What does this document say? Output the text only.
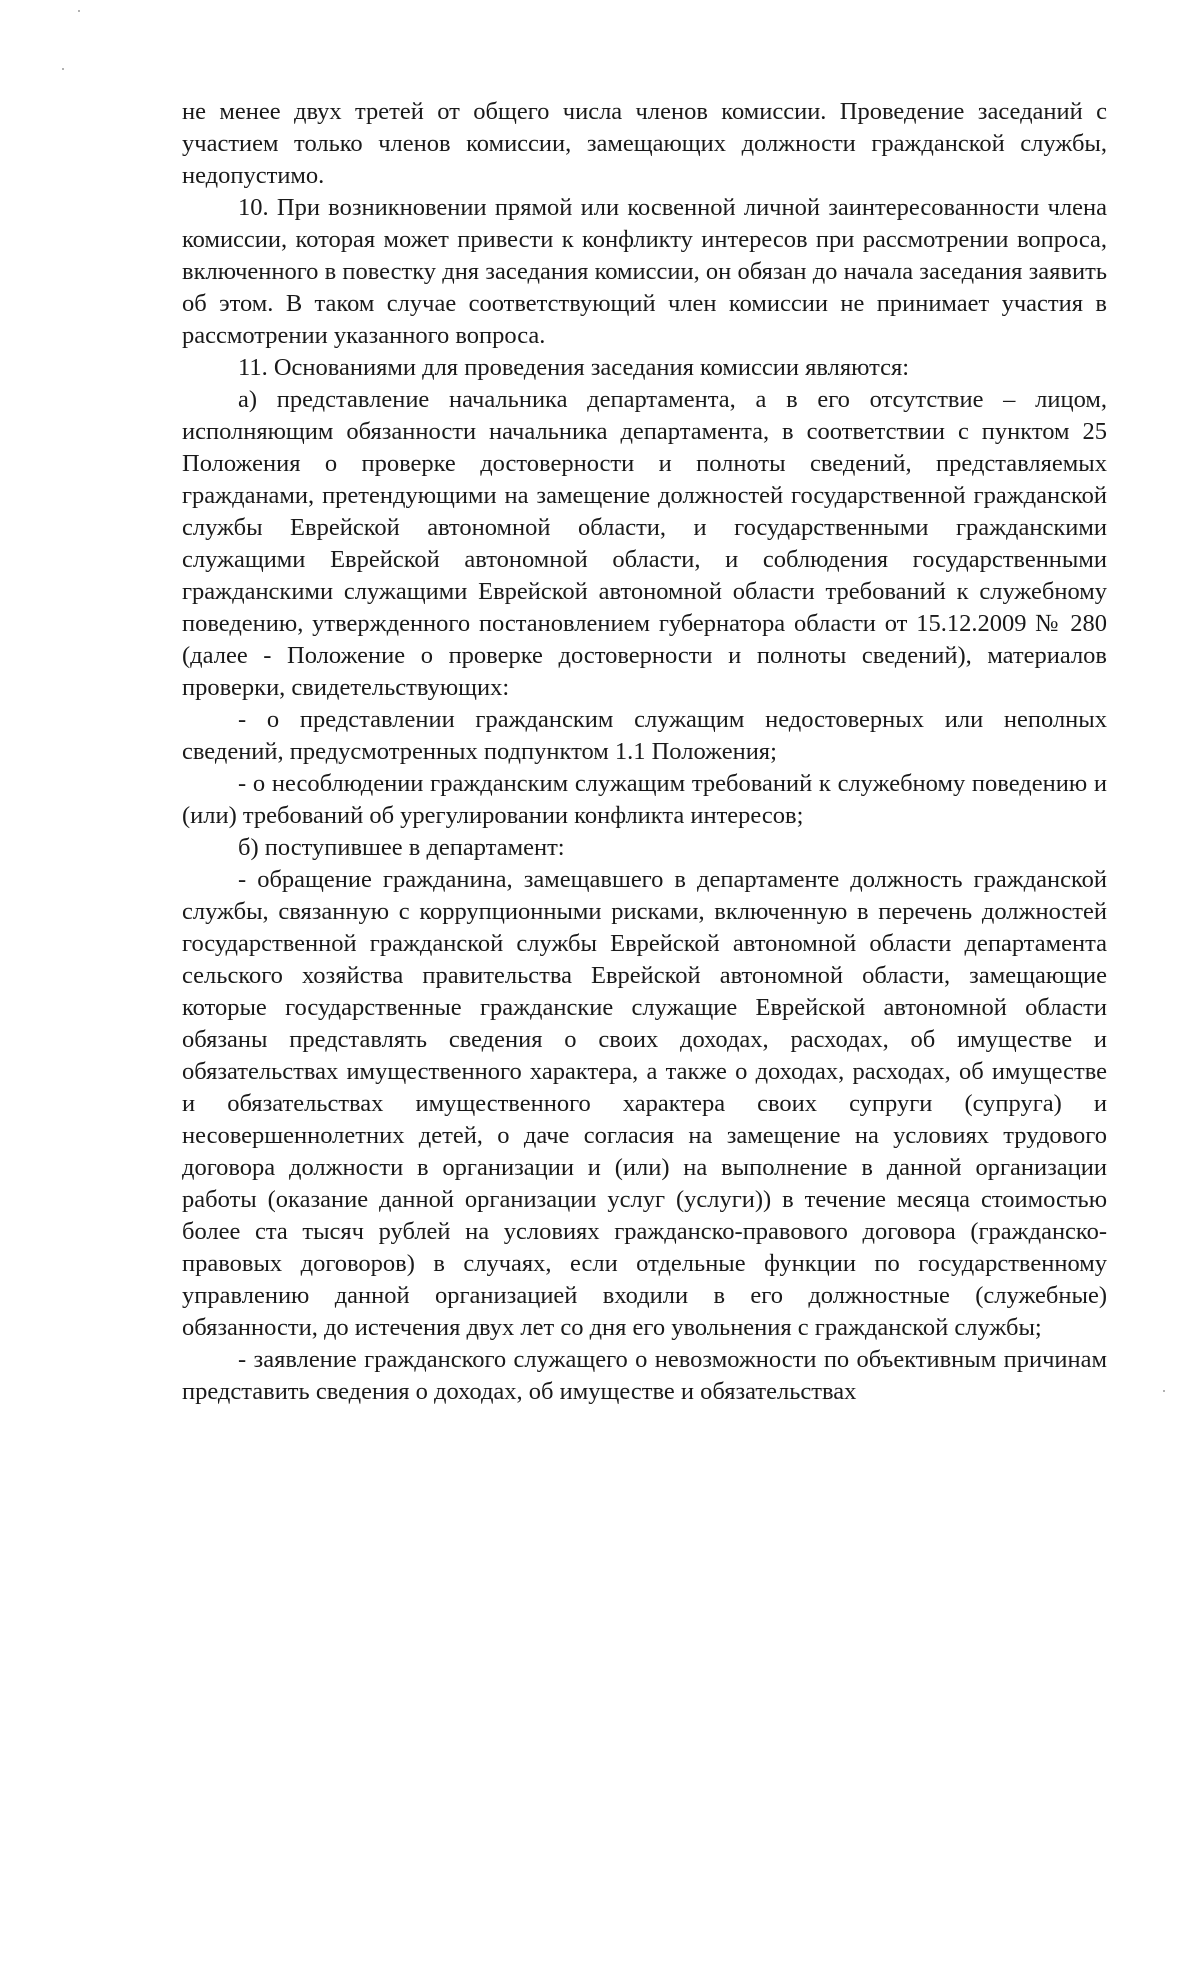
не менее двух третей от общего числа членов комиссии. Проведение заседаний с участием только членов комиссии, замещающих должности гражданской службы, недопустимо.

10. При возникновении прямой или косвенной личной заинтересованности члена комиссии, которая может привести к конфликту интересов при рассмотрении вопроса, включенного в повестку дня заседания комиссии, он обязан до начала заседания заявить об этом. В таком случае соответствующий член комиссии не принимает участия в рассмотрении указанного вопроса.

11. Основаниями для проведения заседания комиссии являются:

а) представление начальника департамента, а в его отсутствие – лицом, исполняющим обязанности начальника департамента, в соответствии с пунктом 25 Положения о проверке достоверности и полноты сведений, представляемых гражданами, претендующими на замещение должностей государственной гражданской службы Еврейской автономной области, и государственными гражданскими служащими Еврейской автономной области, и соблюдения государственными гражданскими служащими Еврейской автономной области требований к служебному поведению, утвержденного постановлением губернатора области от 15.12.2009 № 280 (далее - Положение о проверке достоверности и полноты сведений), материалов проверки, свидетельствующих:

- о представлении гражданским служащим недостоверных или неполных сведений, предусмотренных подпунктом 1.1 Положения;

- о несоблюдении гражданским служащим требований к служебному поведению и (или) требований об урегулировании конфликта интересов;

б) поступившее в департамент:

- обращение гражданина, замещавшего в департаменте должность гражданской службы, связанную с коррупционными рисками, включенную в перечень должностей государственной гражданской службы Еврейской автономной области департамента сельского хозяйства правительства Еврейской автономной области, замещающие которые государственные гражданские служащие Еврейской автономной области обязаны представлять сведения о своих доходах, расходах, об имуществе и обязательствах имущественного характера, а также о доходах, расходах, об имуществе и обязательствах имущественного характера своих супруги (супруга) и несовершеннолетних детей, о даче согласия на замещение на условиях трудового договора должности в организации и (или) на выполнение в данной организации работы (оказание данной организации услуг (услуги)) в течение месяца стоимостью более ста тысяч рублей на условиях гражданско-правового договора (гражданско-правовых договоров) в случаях, если отдельные функции по государственному управлению данной организацией входили в его должностные (служебные) обязанности, до истечения двух лет со дня его увольнения с гражданской службы;

- заявление гражданского служащего о невозможности по объективным причинам представить сведения о доходах, об имуществе и обязательствах
